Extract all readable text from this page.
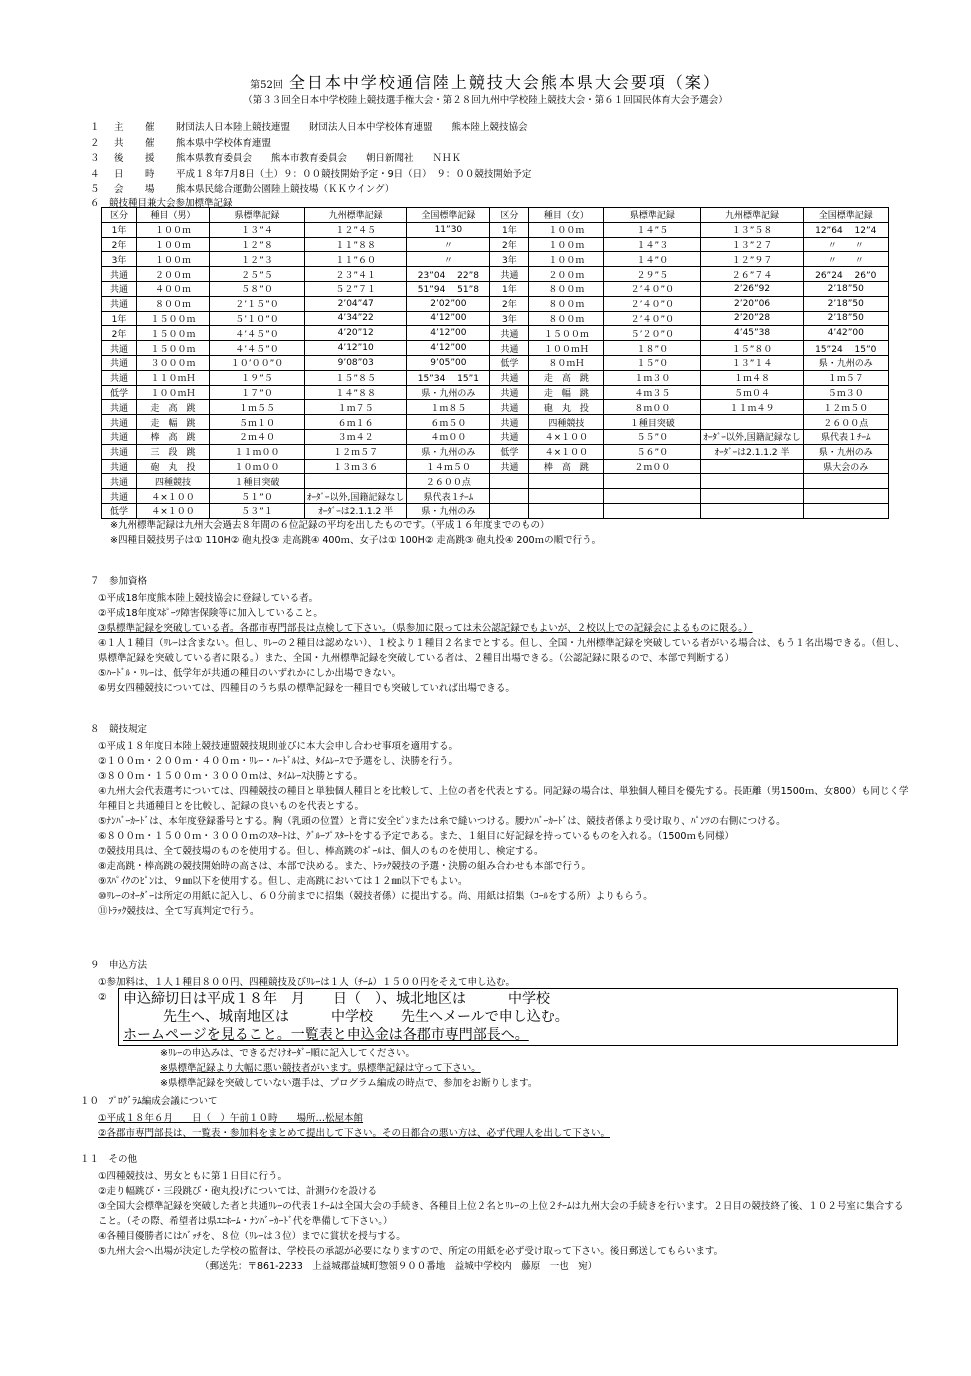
第52回 全日本中学校通信陸上競技大会熊本県大会要項（案）
（第３３回全日本中学校陸上競技選手権大会・第２８回九州中学校陸上競技大会・第６１回国民体育大会予選会）
１ 主　催 財団法人日本陸上競技連盟　　財団法人日本中学校体育連盟　　熊本陸上競技協会
２ 共　催 熊本県中学校体育連盟
３ 後　援 熊本県教育委員会　　熊本市教育委員会　　朝日新聞社　　ＮＨＫ
４ 日　時 平成１８年7月8日（土）９：００競技開始予定・9日（日）　９：００競技開始予定
５ 会　場 熊本県民総合運動公園陸上競技場（ＫＫウイング）
６　競技種目兼大会参加標準記録
区分	種目（男）	県標準記録	九州標準記録	全国標準記録	区分	種目（女）	県標準記録	九州標準記録	全国標準記録
1年	１００ｍ	１３”４	１２”４５	11”30	1年	１００ｍ	１４”５	１３”５８	12”64　 12”4
2年	１００ｍ	１２”８	１１”８８	〃	2年	１００ｍ	１４”３	１３”２７	〃　　〃
3年	１００ｍ	１２”３	１１”６０	〃	3年	１００ｍ	１４”０	１２”９７	〃　　〃
共通	２００ｍ	２５”５	２３”４１	23”04　 22”8	共通	２００ｍ	２９”５	２６”７４	26”24　 26”0
共通	４００ｍ	５８”０	５２”７１	51”94　 51”8	1年	８００ｍ	２’４０”０	2’26”92	2’18”50
共通	８００ｍ	２’１５”０	2’04”47	2’02”00	2年	８００ｍ	２’４０”０	2’20”06	2’18”50
1年	１５００ｍ	５’１０”０	4’34”22	4’12”00	3年	８００ｍ	２’４０”０	2’20”28	2’18”50
2年	１５００ｍ	４’４５”０	4’20”12	4’12”00	共通	１５００ｍ	５’２０”０	4’45”38	4’42”00
共通	１５００ｍ	４’４５”０	4’12”10	4’12”00	共通	１００ｍＨ	１８”０	１５”８０	15”24　 15”0
共通	３０００ｍ	１０’００”０	9’08”03	9’05”00	低学	８０ｍＨ	１５”０	１３”１４	県・九州のみ
共通	１１０ｍＨ	１９”５	１５”８５	15”34　 15”1	共通	走　高　跳	１ｍ３０	１ｍ４８	１ｍ５７
低学	１００ｍＨ	１７”０	１４”８８	県・九州のみ	共通	走　幅　跳	４ｍ３５	５ｍ０４	５ｍ３０
共通	走　高　跳	１ｍ５５	１ｍ７５	１ｍ８５	共通	砲　丸　投	８ｍ００	１１ｍ４９	１２ｍ５０
共通	走　幅　跳	５ｍ１０	６ｍ１６	６ｍ５０	共通	四種競技	１種目突破		２６００点
共通	棒　高　跳	２ｍ４０	３ｍ４２	４ｍ００	共通	４×１００	５５”０	ｵｰﾀﾞｰ以外,国籍記録なし	県代表１ﾁｰﾑ
共通	三　段　跳	１１ｍ００	１２ｍ５７	県・九州のみ	低学	４×１００	５６”０	ｵｰﾀﾞｰは2.1.1.2 半	県・九州のみ
共通	砲　丸　投	１０ｍ００	１３ｍ３６	１４ｍ５０	共通	棒　高　跳	２ｍ００		県大会のみ
共通	四種競技	１種目突破		２６００点					
共通	４×１００	５１”０	ｵｰﾀﾞｰ以外,国籍記録なし	県代表１ﾁｰﾑ					
低学	４×１００	５３”１	ｵｰﾀﾞｰは2.1.1.2 半	県・九州のみ					
※九州標準記録は九州大会過去８年間の６位記録の平均を出したものです。（平成１６年度までのもの）
※四種目競技男子は① 110H② 砲丸投③ 走高跳④ 400ｍ、女子は① 100H② 走高跳③ 砲丸投④ 200ｍの順で行う。
７　参加資格
①平成18年度熊本陸上競技協会に登録している者。
②平成18年度ｽﾎﾟｰﾂ障害保険等に加入していること。
③県標準記録を突破している者。各郡市専門部長は点検して下さい。（県参加に限っては未公認記録でもよいが、２校以上での記録会によるものに限る。）
④１人１種目（ﾘﾚｰは含まない。但し、ﾘﾚｰの２種目は認めない）、１校より１種目２名までとする。但し、全国・九州標準記録を突破している者がいる場合は、もう１名出場できる。（但し、県標準記録を突破している者に限る。）また、全国・九州標準記録を突破している者は、２種目出場できる。（公認記録に限るので、本部で判断する）
⑤ﾊｰﾄﾞﾙ・ﾘﾚｰは、低学年が共通の種目のいずれかにしか出場できない。
⑥男女四種競技については、四種目のうち県の標準記録を一種目でも突破していれば出場できる。
８　競技規定
①平成１８年度日本陸上競技連盟競技規則並びに本大会申し合わせ事項を適用する。
②１００ｍ・２００ｍ・４００ｍ・ﾘﾚｰ・ﾊｰﾄﾞﾙは、ﾀｲﾑﾚｰｽで予選をし、決勝を行う。
③８００ｍ・１５００ｍ・３０００ｍは、ﾀｲﾑﾚｰｽ決勝とする。
④九州大会代表選考については、四種競技の種目と単独個人種目とを比較して、上位の者を代表とする。同記録の場合は、単独個人種目を優先する。長距離（男1500ｍ、女800）も同じく学年種目と共通種目とを比較し、記録の良いものを代表とする。
⑤ﾅﾝﾊﾞｰｶｰﾄﾞは、本年度登録番号とする。胸（乳頭の位置）と背に安全ﾋﾟﾝまたは糸で縫いつける。腰ﾅﾝﾊﾞｰｶｰﾄﾞは、競技者係より受け取り、ﾊﾟﾝﾂの右側につける。
⑥８００ｍ・１５００ｍ・３０００ｍのｽﾀｰﾄは、ｸﾞﾙｰﾌﾟｽﾀｰﾄをする予定である。また、１組目に好記録を持っているものを入れる。（1500ｍも同様）
⑦競技用具は、全て競技場のものを使用する。但し、棒高跳のﾎﾟｰﾙは、個人のものを使用し、検定する。
⑧走高跳・棒高跳の競技開始時の高さは、本部で決める。また、ﾄﾗｯｸ競技の予選・決勝の組み合わせも本部で行う。
⑨ｽﾊﾟｲｸのﾋﾟﾝは、９㎜以下を使用する。但し、走高跳においては１２㎜以下でもよい。
⑩ﾘﾚｰのｵｰﾀﾞｰは所定の用紙に記入し、６０分前までに招集（競技者係）に提出する。尚、用紙は招集（ｺｰﾙをする所）よりもらう。
⑪ﾄﾗｯｸ競技は、全て写真判定で行う。
９　申込方法
①参加料は、１人１種目８００円、四種競技及びﾘﾚｰは１人（ﾁｰﾑ）１５００円をそえて申し込む。
②	申込締切日は平成１８年　月　　日（　）、城北地区は　　　中学校
先生へ、城南地区は　　　中学校　　先生へメールで申し込む。
ホームページを見ること。一覧表と申込金は各郡市専門部長へ。
※ﾘﾚｰの申込みは、できるだけｵｰﾀﾞｰ順に記入してください。
※県標準記録より大幅に悪い競技者がいます。県標準記録は守って下さい。
※県標準記録を突破していない選手は、プログラム編成の時点で、参加をお断りします。
１０　ﾌﾟﾛｸﾞﾗﾑ編成会議について
①平成１８年６月　　日（　）午前１０時　　場所…松屋本館
②各郡市専門部長は、一覧表・参加料をまとめて提出して下さい。その日都合の悪い方は、必ず代理人を出して下さい。
１１　その他
①四種競技は、男女ともに第１日目に行う。
②走り幅跳び・三段跳び・砲丸投げについては、計測ﾗｲﾝを設ける
③全国大会標準記録を突破した者と共通ﾘﾚｰの代表１ﾁｰﾑは全国大会の手続き、各種目上位２名とﾘﾚｰの上位２ﾁｰﾑは九州大会の手続きを行います。２日目の競技終了後、１０２号室に集合すること。（その際、希望者は県ﾕﾆﾎｰﾑ・ﾅﾝﾊﾞｰｶｰﾄﾞ代を準備して下さい。）
④各種目優勝者にはﾊﾞｯﾁを、８位（ﾘﾚｰは３位）までに賞状を授与する。
⑤九州大会へ出場が決定した学校の監督は、学校長の承認が必要になりますので、所定の用紙を必ず受け取って下さい。後日郵送してもらいます。
（郵送先：〒861-2233　上益城郡益城町惣領９００番地　益城中学校内　藤原　一也　宛）
